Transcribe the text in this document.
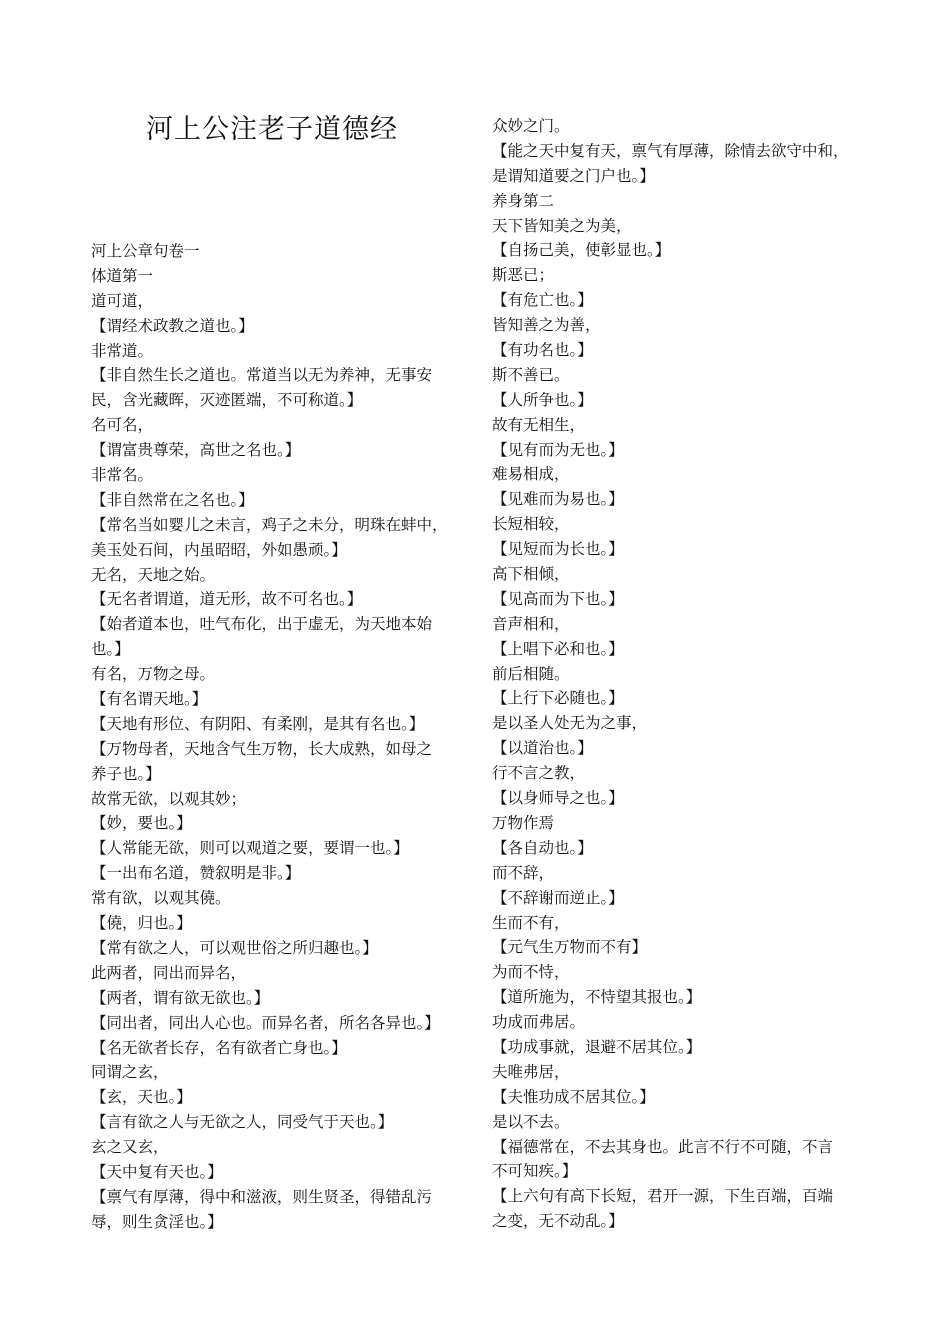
河上公注老子道德经
河上公章句卷一
体道第一
道可道，
【谓经术政教之道也。】
非常道。
【非自然生长之道也。常道当以无为养神，无事安
民，含光藏晖，灭迹匿端，不可称道。】
名可名，
【谓富贵尊荣，高世之名也。】
非常名。
【非自然常在之名也。】
【常名当如婴儿之未言，鸡子之未分，明珠在蚌中，
美玉处石间，内虽昭昭，外如愚顽。】
无名，天地之始。
【无名者谓道，道无形，故不可名也。】
【始者道本也，吐气布化，出于虚无，为天地本始
也。】
有名，万物之母。
【有名谓天地。】
【天地有形位、有阴阳、有柔刚，是其有名也。】
【万物母者，天地含气生万物，长大成熟，如母之
养子也。】
故常无欲，以观其妙；
【妙，要也。】
【人常能无欲，则可以观道之要，要谓一也。】
【一出布名道，赞叙明是非。】
常有欲，以观其僥。
【僥，归也。】
【常有欲之人，可以观世俗之所归趣也。】
此两者，同出而异名，
【两者，谓有欲无欲也。】
【同出者，同出人心也。而异名者，所名各异也。】
【名无欲者长存，名有欲者亡身也。】
同谓之玄，
【玄，天也。】
【言有欲之人与无欲之人，同受气于天也。】
玄之又玄，
【天中复有天也。】
【禀气有厚薄，得中和滋液，则生贤圣，得错乱污
辱，则生贪淫也。】
众妙之门。
【能之天中复有天，禀气有厚薄，除情去欲守中和，
是谓知道要之门户也。】
养身第二
天下皆知美之为美，
【自扬己美，使彰显也。】
斯恶已；
【有危亡也。】
皆知善之为善，
【有功名也。】
斯不善已。
【人所争也。】
故有无相生，
【见有而为无也。】
难易相成，
【见难而为易也。】
长短相较，
【见短而为长也。】
高下相倾，
【见高而为下也。】
音声相和，
【上唱下必和也。】
前后相随。
【上行下必随也。】
是以圣人处无为之事，
【以道治也。】
行不言之教，
【以身师导之也。】
万物作焉
【各自动也。】
而不辞，
【不辞谢而逆止。】
生而不有，
【元气生万物而不有】
为而不恃，
【道所施为，不恃望其报也。】
功成而弗居。
【功成事就，退避不居其位。】
夫唯弗居，
【夫惟功成不居其位。】
是以不去。
【福德常在，不去其身也。此言不行不可随，不言
不可知疾。】
【上六句有高下长短，君开一源，下生百端，百端
之变，无不动乱。】
